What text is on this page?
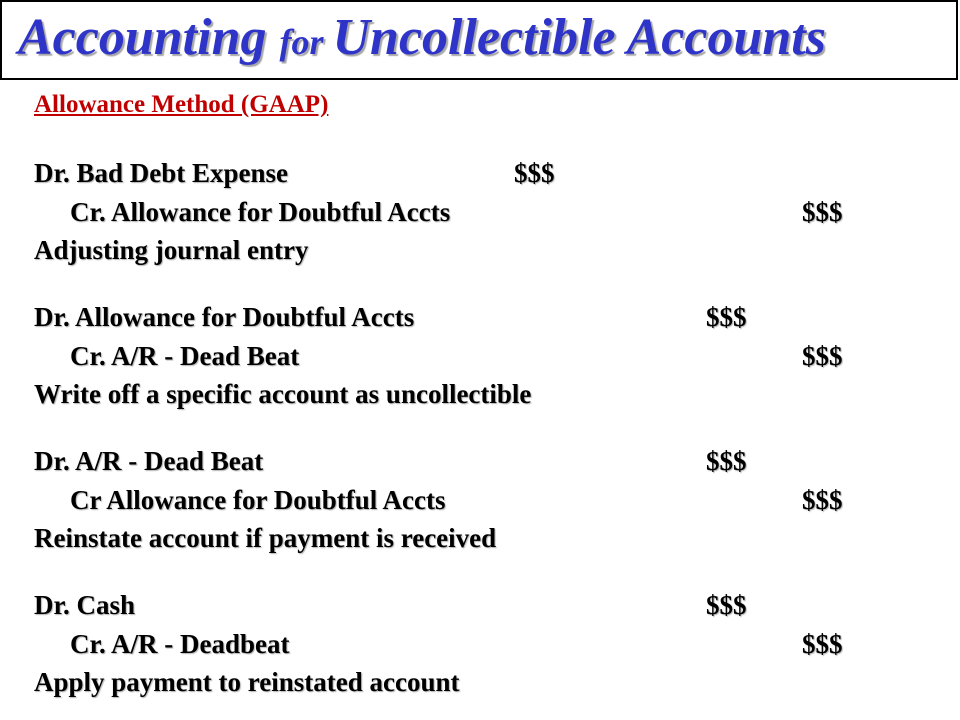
Accounting for Uncollectible Accounts
Allowance Method (GAAP)
Dr. Bad Debt Expense	$$$
Cr. Allowance for Doubtful Accts	$$$
Adjusting journal entry
Dr. Allowance for Doubtful Accts	$$$
Cr. A/R - Dead Beat	$$$
Write off a specific account as uncollectible
Dr. A/R - Dead Beat	$$$
Cr Allowance for Doubtful Accts	$$$
Reinstate account if payment is received
Dr. Cash	$$$
Cr. A/R - Deadbeat	$$$
Apply payment to reinstated account
